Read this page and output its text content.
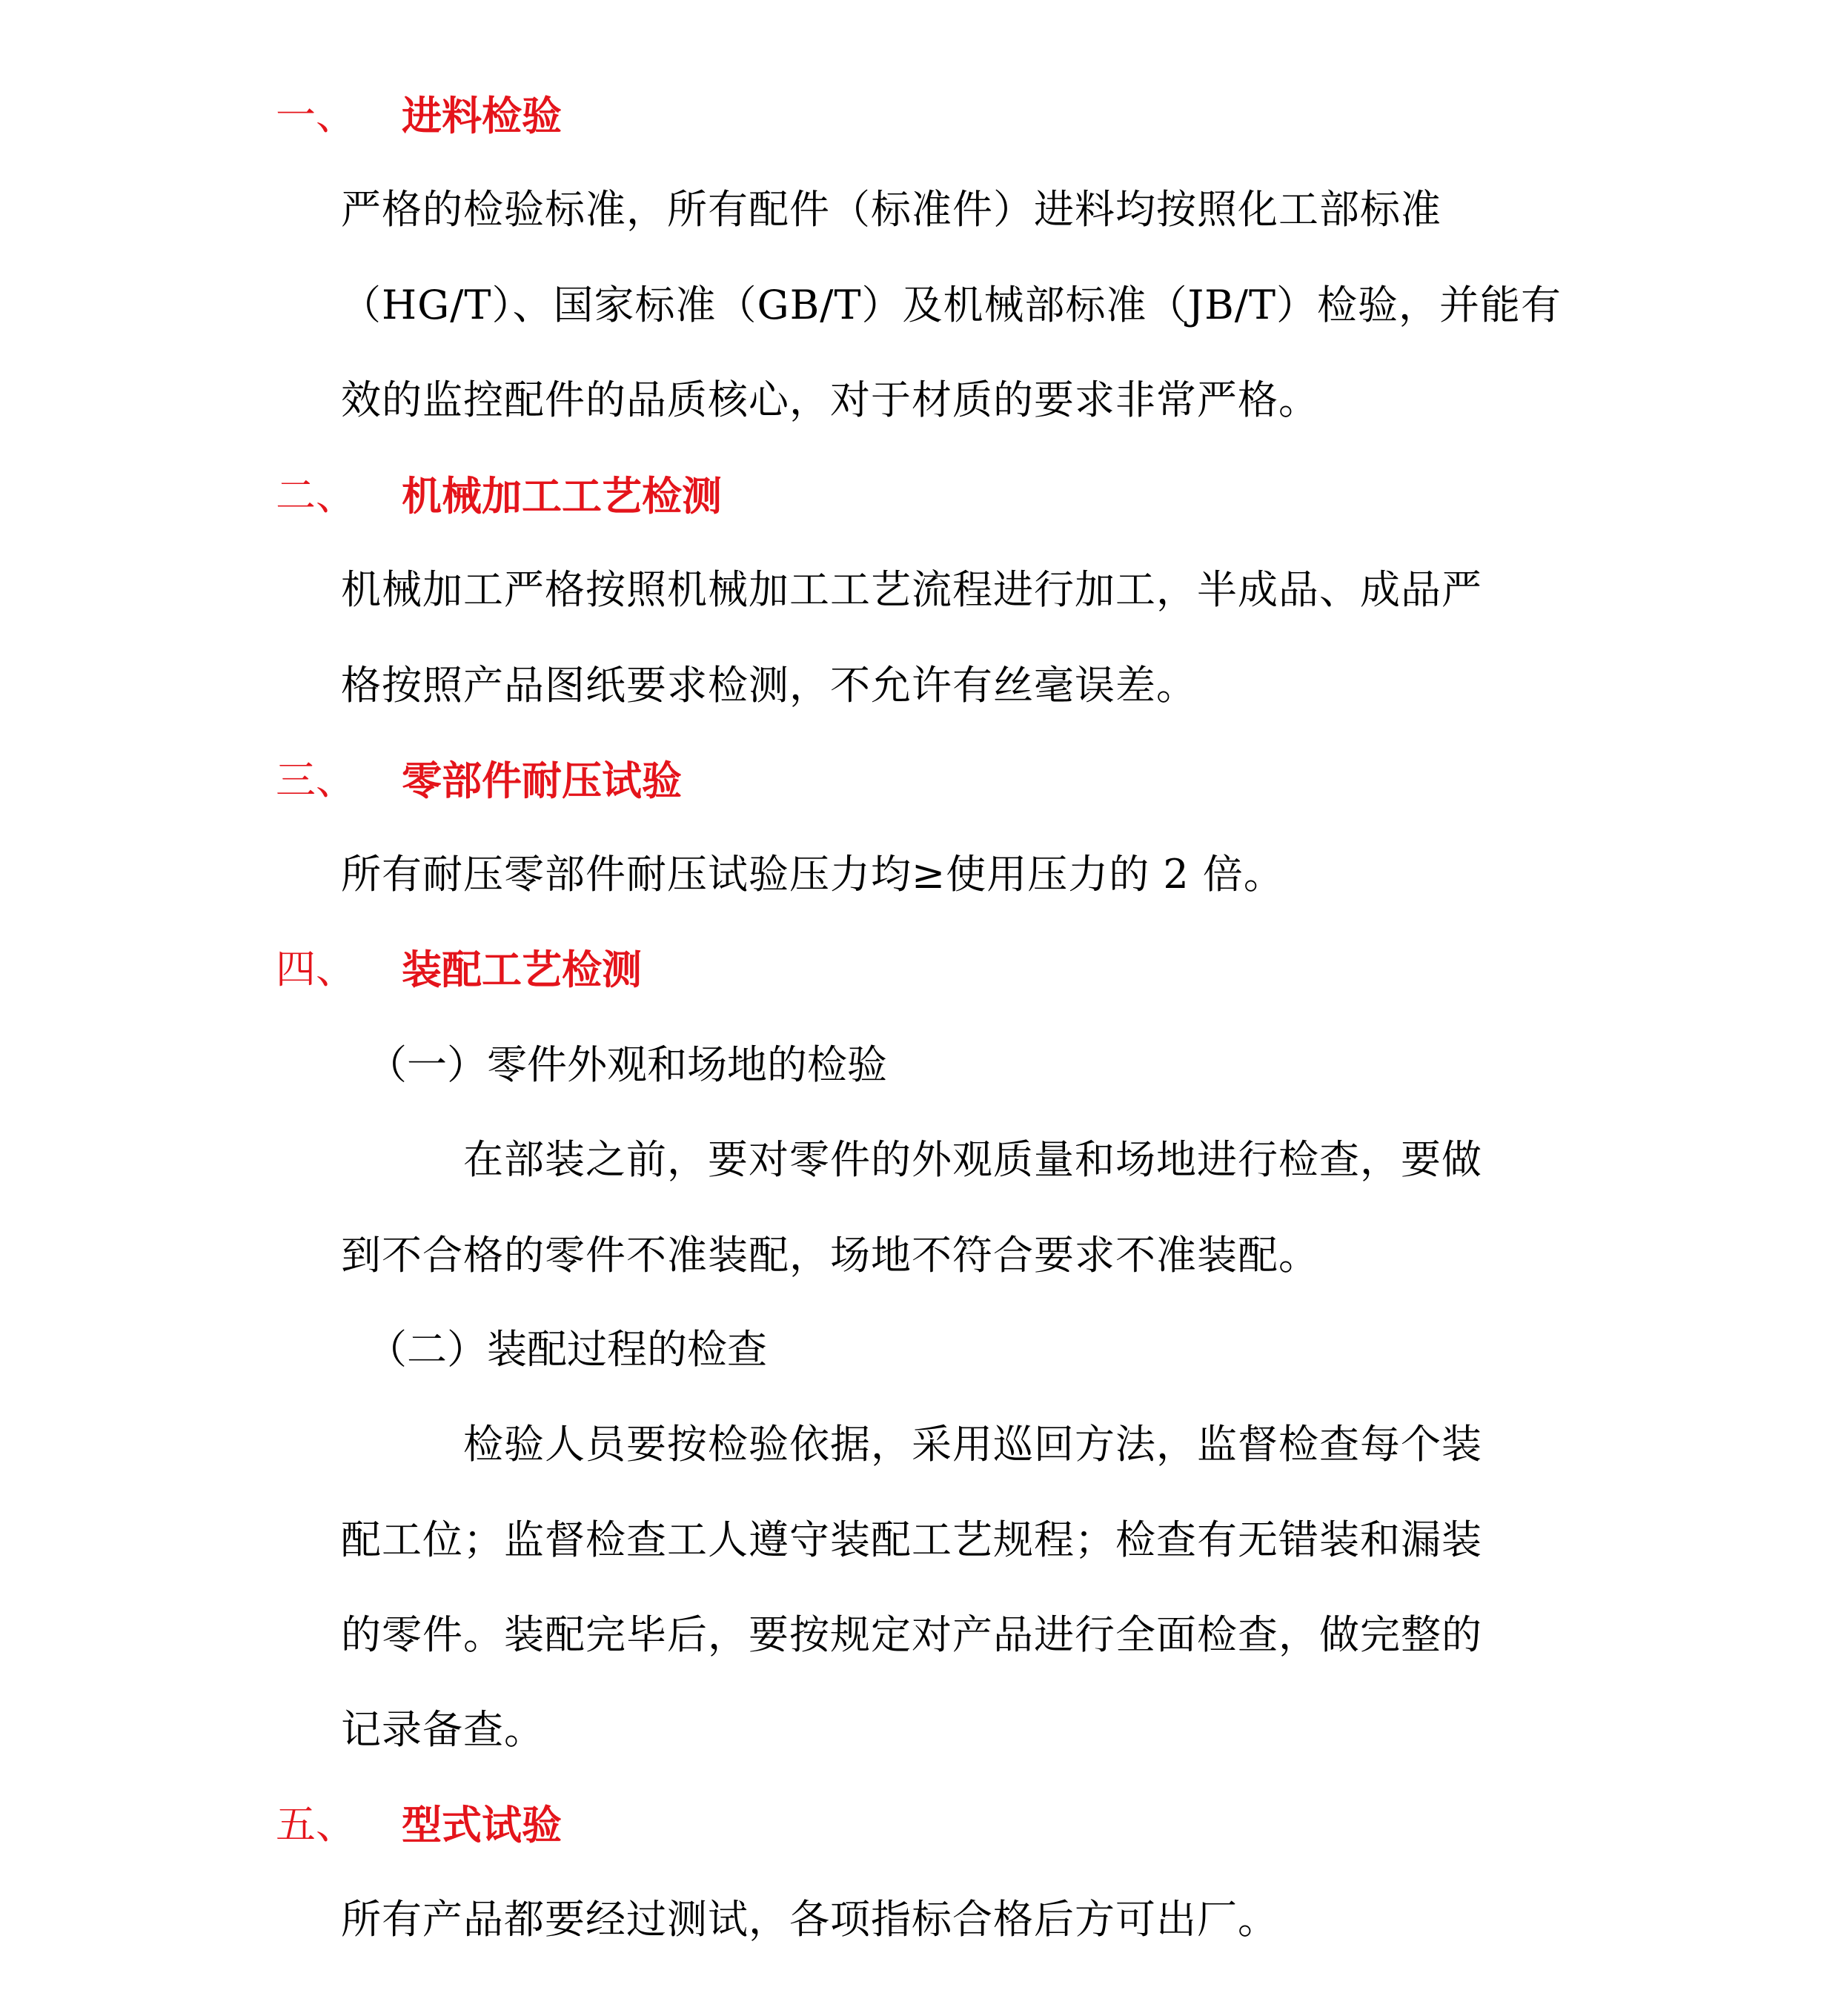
一、 进料检验
严格的检验标准，所有配件（标准件）进料均按照化工部标准
（HG/T）、国家标准（GB/T）及机械部标准（JB/T）检验，并能有
效的监控配件的品质核心，对于材质的要求非常严格。
二、 机械加工工艺检测
机械加工严格按照机械加工工艺流程进行加工，半成品、成品严
格按照产品图纸要求检测，不允许有丝毫误差。
三、 零部件耐压试验
所有耐压零部件耐压试验压力均≥使用压力的 2 倍。
四、 装配工艺检测
（一）零件外观和场地的检验
在部装之前，要对零件的外观质量和场地进行检查，要做
到不合格的零件不准装配，场地不符合要求不准装配。
（二）装配过程的检查
检验人员要按检验依据，采用巡回方法，监督检查每个装
配工位；监督检查工人遵守装配工艺规程；检查有无错装和漏装
的零件。装配完毕后，要按规定对产品进行全面检查，做完整的
记录备查。
五、 型式试验
所有产品都要经过测试，各项指标合格后方可出厂。
